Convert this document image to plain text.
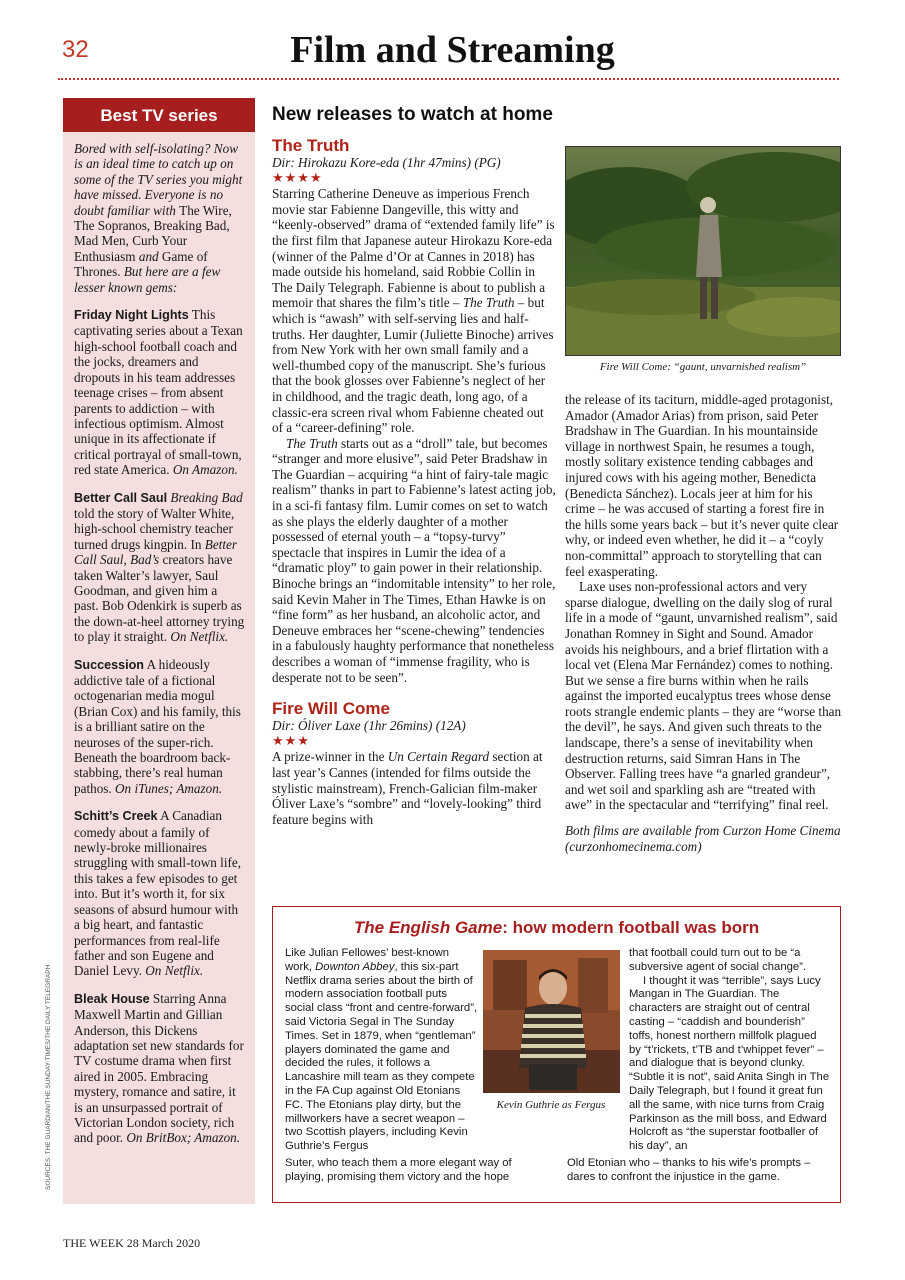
32	Film and Streaming
Best TV series

Bored with self-isolating? Now is an ideal time to catch up on some of the TV series you might have missed. Everyone is no doubt familiar with The Wire, The Sopranos, Breaking Bad, Mad Men, Curb Your Enthusiasm and Game of Thrones. But here are a few lesser known gems:

Friday Night Lights This captivating series about a Texan high-school football coach and the jocks, dreamers and dropouts in his team addresses teenage crises – from absent parents to addiction – with infectious optimism. Almost unique in its affectionate if critical portrayal of small-town, red state America. On Amazon.

Better Call Saul Breaking Bad told the story of Walter White, high-school chemistry teacher turned drugs kingpin. In Better Call Saul, Bad’s creators have taken Walter’s lawyer, Saul Goodman, and given him a past. Bob Odenkirk is superb as the down-at-heel attorney trying to play it straight. On Netflix.

Succession A hideously addictive tale of a fictional octogenarian media mogul (Brian Cox) and his family, this is a brilliant satire on the neuroses of the super-rich. Beneath the boardroom back-stabbing, there’s real human pathos. On iTunes; Amazon.

Schitt’s Creek A Canadian comedy about a family of newly-broke millionaires struggling with small-town life, this takes a few episodes to get into. But it’s worth it, for six seasons of absurd humour with a big heart, and fantastic performances from real-life father and son Eugene and Daniel Levy. On Netflix.

Bleak House Starring Anna Maxwell Martin and Gillian Anderson, this Dickens adaptation set new standards for TV costume drama when first aired in 2005. Embracing mystery, romance and satire, it is an unsurpassed portrait of Victorian London society, rich and poor. On BritBox; Amazon.

SOURCES: THE GUARDIAN/THE SUNDAY TIMES/THE DAILY TELEGRAPH
New releases to watch at home
The Truth
Dir: Hirokazu Kore-eda (1hr 47mins) (PG)
★★★★

Starring Catherine Deneuve as imperious French movie star Fabienne Dangeville, this witty and “keenly-observed” drama of “extended family life” is the first film that Japanese auteur Hirokazu Kore-eda (winner of the Palme d’Or at Cannes in 2018) has made outside his homeland, said Robbie Collin in The Daily Telegraph. Fabienne is about to publish a memoir that shares the film’s title – The Truth – but which is “awash” with self-serving lies and half-truths. Her daughter, Lumir (Juliette Binoche) arrives from New York with her own small family and a well-thumbed copy of the manuscript. She’s furious that the book glosses over Fabienne’s neglect of her in childhood, and the tragic death, long ago, of a classic-era screen rival whom Fabienne cheated out of a “career-defining” role.

The Truth starts out as a “droll” tale, but becomes “stranger and more elusive”, said Peter Bradshaw in The Guardian – acquiring “a hint of fairy-tale magic realism” thanks in part to Fabienne’s latest acting job, in a sci-fi fantasy film. Lumir comes on set to watch as she plays the elderly daughter of a mother possessed of eternal youth – a “topsy-turvy” spectacle that inspires in Lumir the idea of a “dramatic ploy” to gain power in their relationship. Binoche brings an “indomitable intensity” to her role, said Kevin Maher in The Times, Ethan Hawke is on “fine form” as her husband, an alcoholic actor, and Deneuve embraces her “scene-chewing” tendencies in a fabulously haughty performance that nonetheless describes a woman of “immense fragility, who is desperate not to be seen”.

Fire Will Come
Dir: Óliver Laxe (1hr 26mins) (12A)
★★★

A prize-winner in the Un Certain Regard section at last year’s Cannes (intended for films outside the stylistic mainstream), French-Galician film-maker Óliver Laxe’s “sombre” and “lovely-looking” third feature begins with

Fire Will Come: “gaunt, unvarnished realism”

the release of its taciturn, middle-aged protagonist, Amador (Amador Arias) from prison, said Peter Bradshaw in The Guardian. In his mountainside village in northwest Spain, he resumes a tough, mostly solitary existence tending cabbages and injured cows with his ageing mother, Benedicta (Benedicta Sánchez). Locals jeer at him for his crime – he was accused of starting a forest fire in the hills some years back – but it’s never quite clear why, or indeed even whether, he did it – a “coyly non-committal” approach to storytelling that can feel exasperating.

Laxe uses non-professional actors and very sparse dialogue, dwelling on the daily slog of rural life in a mode of “gaunt, unvarnished realism”, said Jonathan Romney in Sight and Sound. Amador avoids his neighbours, and a brief flirtation with a local vet (Elena Mar Fernández) comes to nothing. But we sense a fire burns within when he rails against the imported eucalyptus trees whose dense roots strangle endemic plants – they are “worse than the devil”, he says. And given such threats to the landscape, there’s a sense of inevitability when destruction returns, said Simran Hans in The Observer. Falling trees have “a gnarled grandeur”, and wet soil and sparkling ash are “treated with awe” in the spectacular and “terrifying” final reel.

Both films are available from Curzon Home Cinema (curzonhomecinema.com)

The English Game: how modern football was born

Like Julian Fellowes’ best-known work, Downton Abbey, this six-part Netflix drama series about the birth of modern association football puts social class “front and centre-forward”, said Victoria Segal in The Sunday Times. Set in 1879, when “gentleman” players dominated the game and decided the rules, it follows a Lancashire mill team as they compete in the FA Cup against Old Etonians FC. The Etonians play dirty, but the millworkers have a secret weapon – two Scottish players, including Kevin Guthrie’s Fergus

Kevin Guthrie as Fergus

that football could turn out to be “a subversive agent of social change”.

I thought it was “terrible”, says Lucy Mangan in The Guardian. The characters are straight out of central casting – “caddish and bounderish” toffs, honest northern millfolk plagued by “t’rickets, t’TB and t’whippet fever” – and dialogue that is beyond clunky. “Subtle it is not”, said Anita Singh in The Daily Telegraph, but I found it great fun all the same, with nice turns from Craig Parkinson as the mill boss, and Edward Holcroft as “the superstar footballer of his day”, an

Suter, who teach them a more elegant way of playing, promising them victory and the hopeOld Etonian who – thanks to his wife’s prompts – dares to confront the injustice in the game.
THE WEEK 28 March 2020
